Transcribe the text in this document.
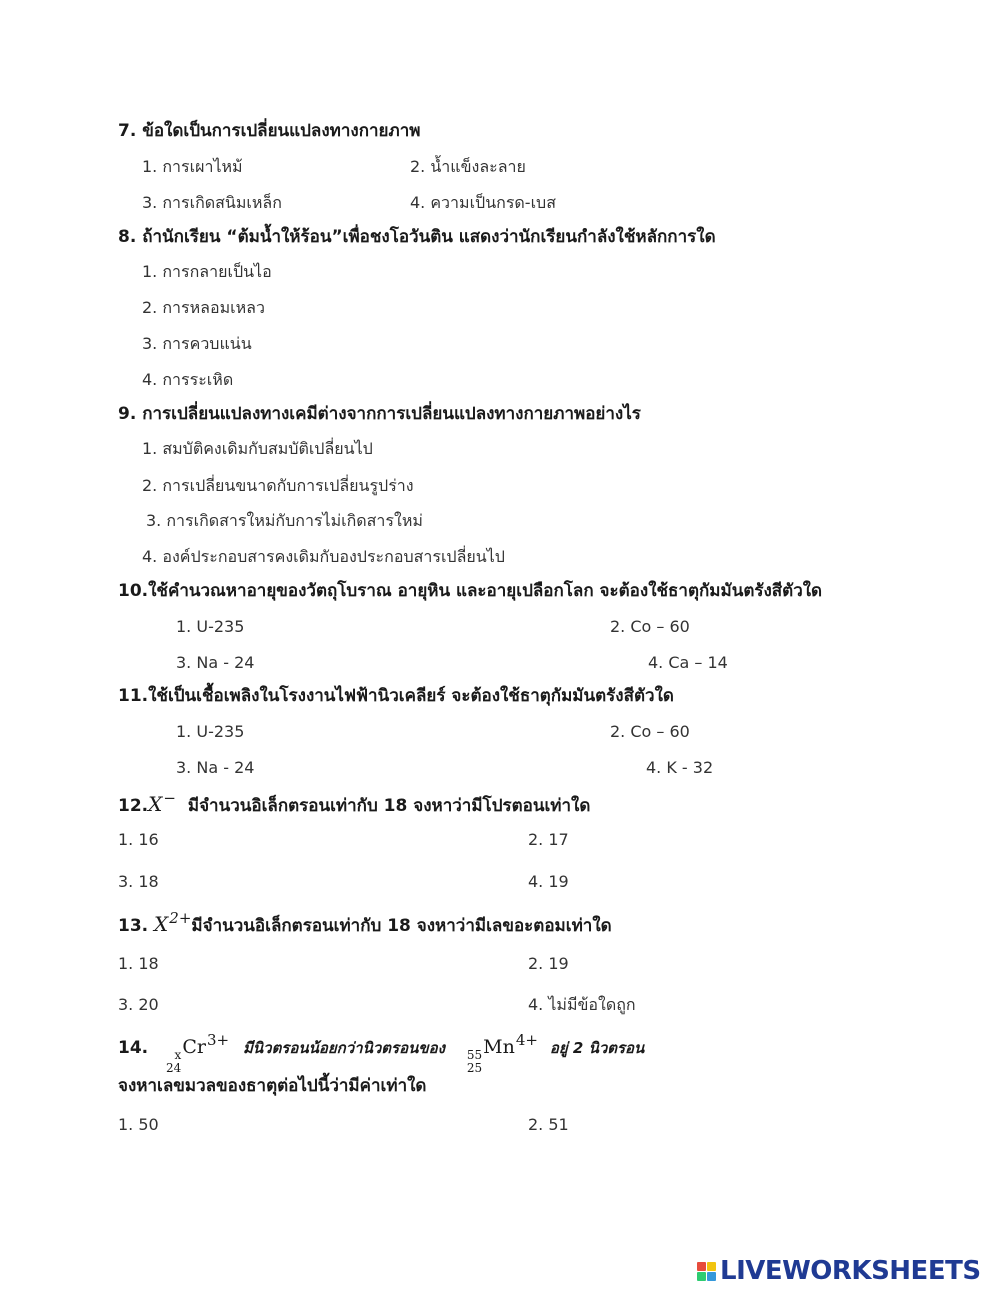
7. ข้อใดเป็นการเปลี่ยนแปลงทางกายภาพ
1. การเผาไหม้	2. น้ำแข็งละลาย
3. การเกิดสนิมเหล็ก	4. ความเป็นกรด-เบส
8. ถ้านักเรียน “ต้มน้ำให้ร้อน”เพื่อชงโอวันติน แสดงว่านักเรียนกำลังใช้หลักการใด
1. การกลายเป็นไอ
2. การหลอมเหลว
3. การควบแน่น
4. การระเหิด
9. การเปลี่ยนแปลงทางเคมีต่างจากการเปลี่ยนแปลงทางกายภาพอย่างไร
1. สมบัติคงเดิมกับสมบัติเปลี่ยนไป
2. การเปลี่ยนขนาดกับการเปลี่ยนรูปร่าง
3. การเกิดสารใหม่กับการไม่เกิดสารใหม่
4. องค์ประกอบสารคงเดิมกับองประกอบสารเปลี่ยนไป
10.ใช้คำนวณหาอายุของวัตถุโบราณ อายุหิน และอายุเปลือกโลก จะต้องใช้ธาตุกัมมันตรังสีตัวใด
1. U-235	2. Co – 60
3. Na - 24	4. Ca – 14
11.ใช้เป็นเชื้อเพลิงในโรงงานไฟฟ้านิวเคลียร์ จะต้องใช้ธาตุกัมมันตรังสีตัวใด
1. U-235	2. Co – 60
3. Na - 24	4. K - 32
12.X− มีจำนวนอิเล็กตรอนเท่ากับ 18 จงหาว่ามีโปรตอนเท่าใด
1. 16	2. 17
3. 18	4. 19
13. X2+มีจำนวนอิเล็กตรอนเท่ากับ 18 จงหาว่ามีเลขอะตอมเท่าใด
1. 18	2. 19
3. 20	4. ไม่มีข้อใดถูก
14. x
24
$Cr^{3+}$ มีนิวตรอนน้อยกว่านิวตรอนของ 55
25
$Mn^{4+}$ อยู่ 2 นิวตรอน
จงหาเลขมวลของธาตุต่อไปนี้ว่ามีค่าเท่าใด
1. 50	2. 51
LIVEWORKSHEETS
